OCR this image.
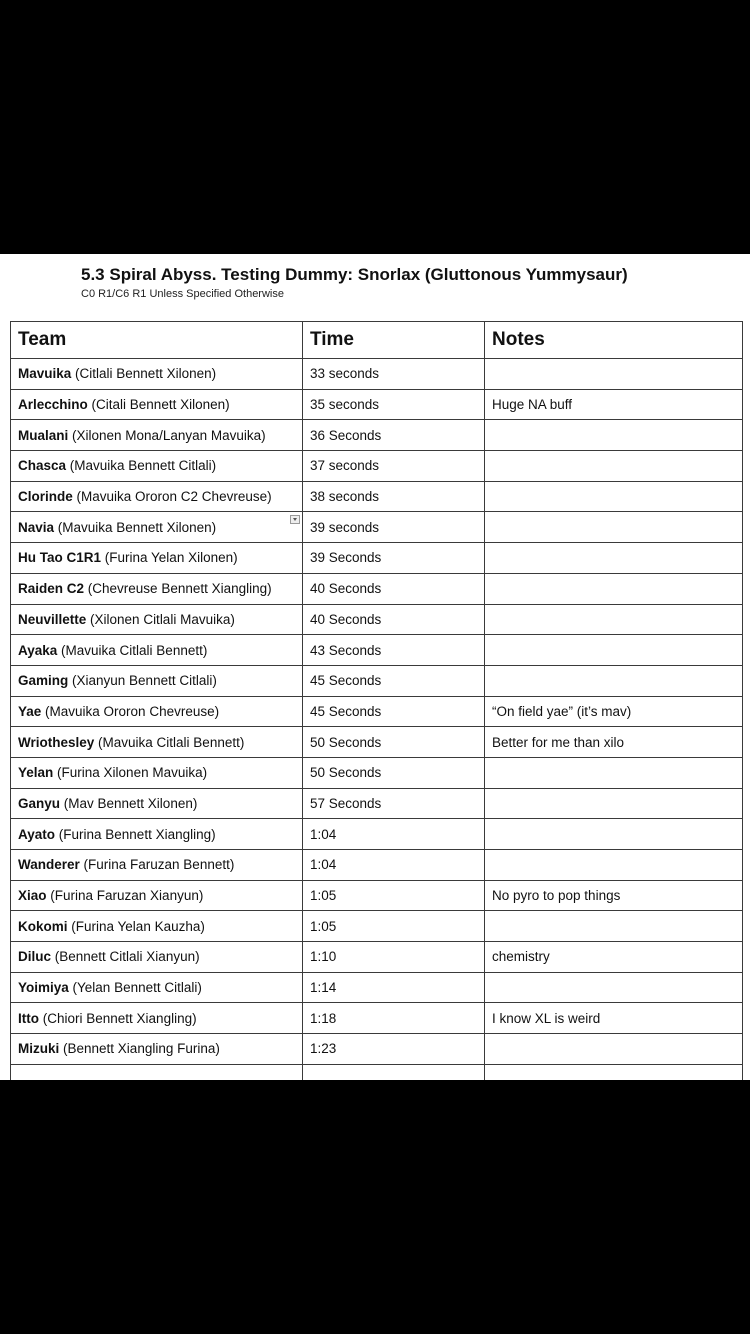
5.3 Spiral Abyss. Testing Dummy: Snorlax (Gluttonous Yummysaur)
C0 R1/C6 R1 Unless Specified Otherwise
Team	Time	Notes
Mavuika (Citlali Bennett Xilonen)	33 seconds	
Arlecchino (Citali Bennett Xilonen)	35 seconds	Huge NA buff
Mualani (Xilonen Mona/Lanyan Mavuika)	36 Seconds	
Chasca (Mavuika Bennett Citlali)	37 seconds	
Clorinde (Mavuika Ororon C2 Chevreuse)	38 seconds	
Navia (Mavuika Bennett Xilonen)	39 seconds	
Hu Tao C1R1 (Furina Yelan Xilonen)	39 Seconds	
Raiden C2 (Chevreuse Bennett Xiangling)	40 Seconds	
Neuvillette (Xilonen Citlali Mavuika)	40 Seconds	
Ayaka (Mavuika Citlali Bennett)	43 Seconds	
Gaming (Xianyun Bennett Citlali)	45 Seconds	
Yae (Mavuika Ororon Chevreuse)	45 Seconds	“On field yae” (it’s mav)
Wriothesley (Mavuika Citlali Bennett)	50 Seconds	Better for me than xilo
Yelan (Furina Xilonen Mavuika)	50 Seconds	
Ganyu (Mav Bennett Xilonen)	57 Seconds	
Ayato (Furina Bennett Xiangling)	1:04	
Wanderer (Furina Faruzan Bennett)	1:04	
Xiao (Furina Faruzan Xianyun)	1:05	No pyro to pop things
Kokomi (Furina Yelan Kauzha)	1:05	
Diluc (Bennett Citlali Xianyun)	1:10	chemistry
Yoimiya (Yelan Bennett Citlali)	1:14	
Itto (Chiori Bennett Xiangling)	1:18	I know XL is weird
Mizuki (Bennett Xiangling Furina)	1:23	
